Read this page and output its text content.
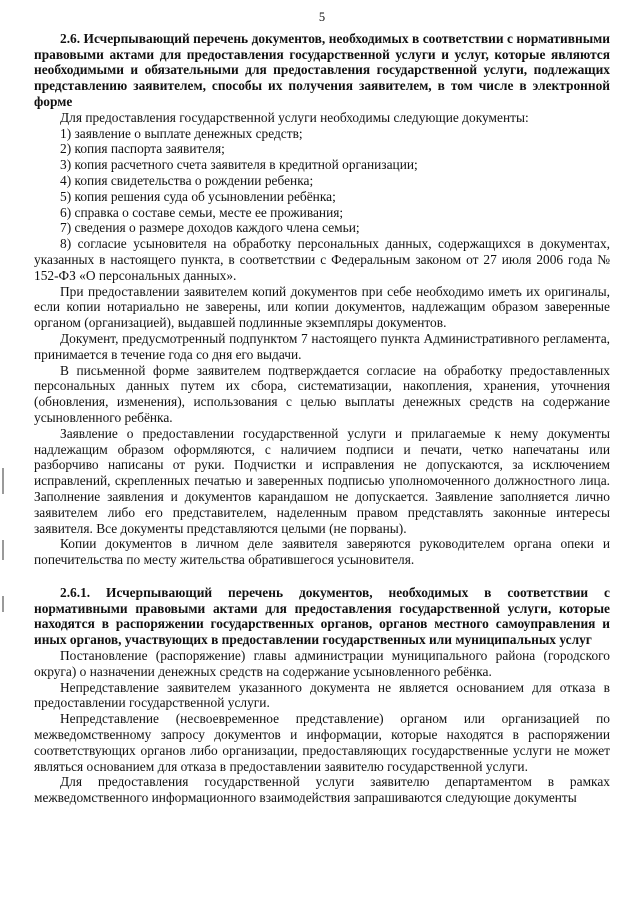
5

2.6. Исчерпывающий перечень документов, необходимых в соответствии с нормативными правовыми актами для предоставления государственной услуги и услуг, которые являются необходимыми и обязательными для предоставления государственной услуги, подлежащих представлению заявителем, способы их получения заявителем, в том числе в электронной форме

Для предоставления государственной услуги необходимы следующие документы:

1) заявление о выплате денежных средств;

2) копия паспорта заявителя;

3) копия расчетного счета заявителя в кредитной организации;

4) копия свидетельства о рождении ребенка;

5) копия решения суда об усыновлении ребёнка;

6) справка о составе семьи, месте ее проживания;

7) сведения о размере доходов каждого члена семьи;

8) согласие усыновителя на обработку персональных данных, содержащихся в документах, указанных в настоящего пункта, в соответствии с Федеральным законом от 27 июля 2006 года № 152-ФЗ «О персональных данных».

При предоставлении заявителем копий документов при себе необходимо иметь их оригиналы, если копии нотариально не заверены, или копии документов, надлежащим образом заверенные органом (организацией), выдавшей подлинные экземпляры документов.

Документ, предусмотренный подпунктом 7 настоящего пункта Административного регламента, принимается в течение года со дня его выдачи.

В письменной форме заявителем подтверждается согласие на обработку предоставленных персональных данных путем их сбора, систематизации, накопления, хранения, уточнения (обновления, изменения), использования с целью выплаты денежных средств на содержание усыновленного ребёнка.

Заявление о предоставлении государственной услуги и прилагаемые к нему документы надлежащим образом оформляются, с наличием подписи и печати, четко напечатаны или разборчиво написаны от руки. Подчистки и исправления не допускаются, за исключением исправлений, скрепленных печатью и заверенных подписью уполномоченного должностного лица. Заполнение заявления и документов карандашом не допускается. Заявление заполняется лично заявителем либо его представителем, наделенным правом представлять законные интересы заявителя. Все документы представляются целыми (не порваны).

Копии документов в личном деле заявителя заверяются руководителем органа опеки и попечительства по месту жительства обратившегося усыновителя.

2.6.1. Исчерпывающий перечень документов, необходимых в соответствии с нормативными правовыми актами для предоставления государственной услуги, которые находятся в распоряжении государственных органов, органов местного самоуправления и иных органов, участвующих в предоставлении государственных или муниципальных услуг

Постановление (распоряжение) главы администрации муниципального района (городского округа) о назначении денежных средств на содержание усыновленного ребёнка.

Непредставление заявителем указанного документа не является основанием для отказа в предоставлении государственной услуги.

Непредставление (несвоевременное представление) органом или организацией по межведомственному запросу документов и информации, которые находятся в распоряжении соответствующих органов либо организации, предоставляющих государственные услуги не может являться основанием для отказа в предоставлении заявителю государственной услуги.

Для предоставления государственной услуги заявителю департаментом в рамках межведомственного информационного взаимодействия запрашиваются следующие документы
